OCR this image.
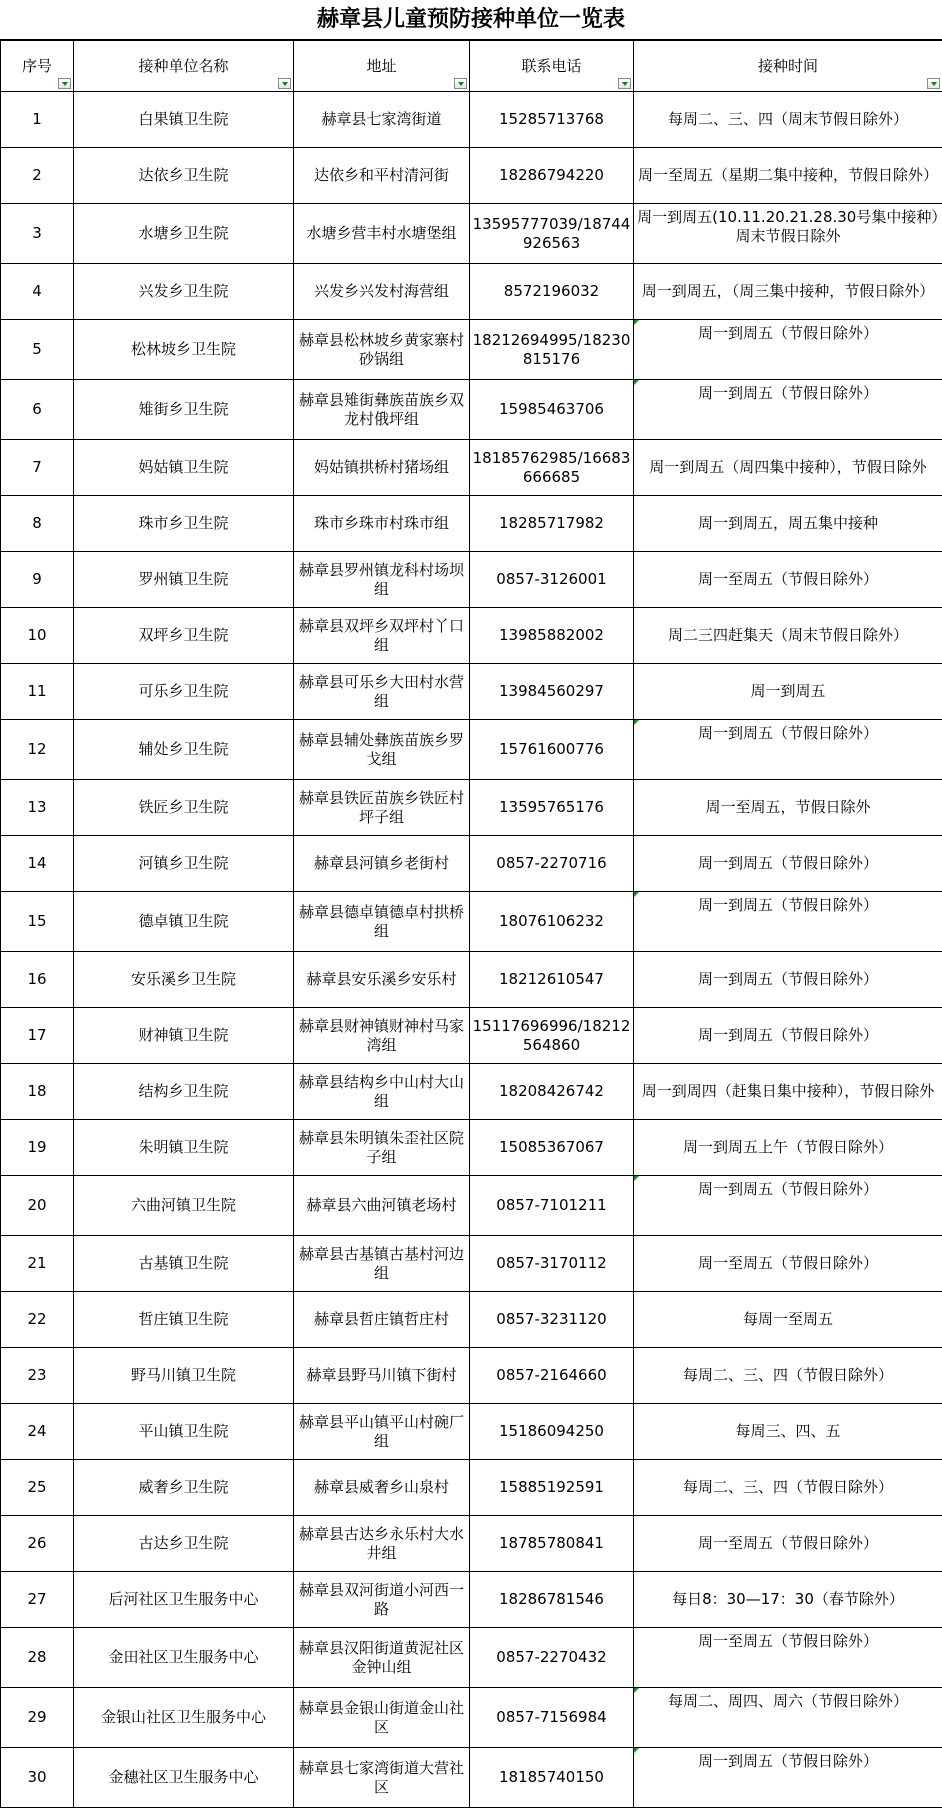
赫章县儿童预防接种单位一览表
序号	接种单位名称	地址	联系电话	接种时间

1	白果镇卫生院	赫章县七家湾街道	15285713768	每周二、三、四（周末节假日除外）
2	达依乡卫生院	达依乡和平村清河街	18286794220	周一至周五（星期二集中接种，节假日除外）
3	水塘乡卫生院	水塘乡营丰村水塘堡组	13595777039/18744926563	周一到周五(10.11.20.21.28.30号集中接种）周末节假日除外
4	兴发乡卫生院	兴发乡兴发村海营组	8572196032	周一到周五，（周三集中接种，节假日除外）
5	松林坡乡卫生院	赫章县松林坡乡黄家寨村砂锅组	18212694995/18230815176	周一到周五（节假日除外）

6	雉街乡卫生院	赫章县雉街彝族苗族乡双龙村俄坪组	15985463706	周一到周五（节假日除外）

7	妈姑镇卫生院	妈姑镇拱桥村猪场组	18185762985/16683666685	周一到周五（周四集中接种），节假日除外
8	珠市乡卫生院	珠市乡珠市村珠市组	18285717982	周一到周五，周五集中接种
9	罗州镇卫生院	赫章县罗州镇龙科村场坝组	0857-3126001	周一至周五（节假日除外）
10	双坪乡卫生院	赫章县双坪乡双坪村丫口组	13985882002	周二三四赶集天（周末节假日除外）
11	可乐乡卫生院	赫章县可乐乡大田村水营组	13984560297	周一到周五
12	辅处乡卫生院	赫章县辅处彝族苗族乡罗戈组	15761600776	周一到周五（节假日除外）

13	铁匠乡卫生院	赫章县铁匠苗族乡铁匠村坪子组	13595765176	周一至周五，节假日除外
14	河镇乡卫生院	赫章县河镇乡老街村	0857-2270716	周一到周五（节假日除外）
15	德卓镇卫生院	赫章县德卓镇德卓村拱桥组	18076106232	周一到周五（节假日除外）

16	安乐溪乡卫生院	赫章县安乐溪乡安乐村	18212610547	周一到周五（节假日除外）
17	财神镇卫生院	赫章县财神镇财神村马家湾组	15117696996/18212564860	周一到周五（节假日除外）
18	结构乡卫生院	赫章县结构乡中山村大山组	18208426742	周一到周四（赶集日集中接种），节假日除外
19	朱明镇卫生院	赫章县朱明镇朱歪社区院子组	15085367067	周一到周五上午（节假日除外）
20	六曲河镇卫生院	赫章县六曲河镇老场村	0857-7101211	周一到周五（节假日除外）

21	古基镇卫生院	赫章县古基镇古基村河边组	0857-3170112	周一至周五（节假日除外）
22	哲庄镇卫生院	赫章县哲庄镇哲庄村	0857-3231120	每周一至周五
23	野马川镇卫生院	赫章县野马川镇下街村	0857-2164660	每周二、三、四（节假日除外）
24	平山镇卫生院	赫章县平山镇平山村碗厂组	15186094250	每周三、四、五
25	威奢乡卫生院	赫章县威奢乡山泉村	15885192591	每周二、三、四（节假日除外）
26	古达乡卫生院	赫章县古达乡永乐村大水井组	18785780841	周一至周五（节假日除外）
27	后河社区卫生服务中心	赫章县双河街道小河西一路	18286781546	每日8：30—17：30（春节除外）
28	金田社区卫生服务中心	赫章县汉阳街道黄泥社区金钟山组	0857-2270432	周一至周五（节假日除外）
29	金银山社区卫生服务中心	赫章县金银山街道金山社区	0857-7156984	每周二、周四、周六（节假日除外）

30	金穗社区卫生服务中心	赫章县七家湾街道大营社区	18185740150	周一到周五（节假日除外）
